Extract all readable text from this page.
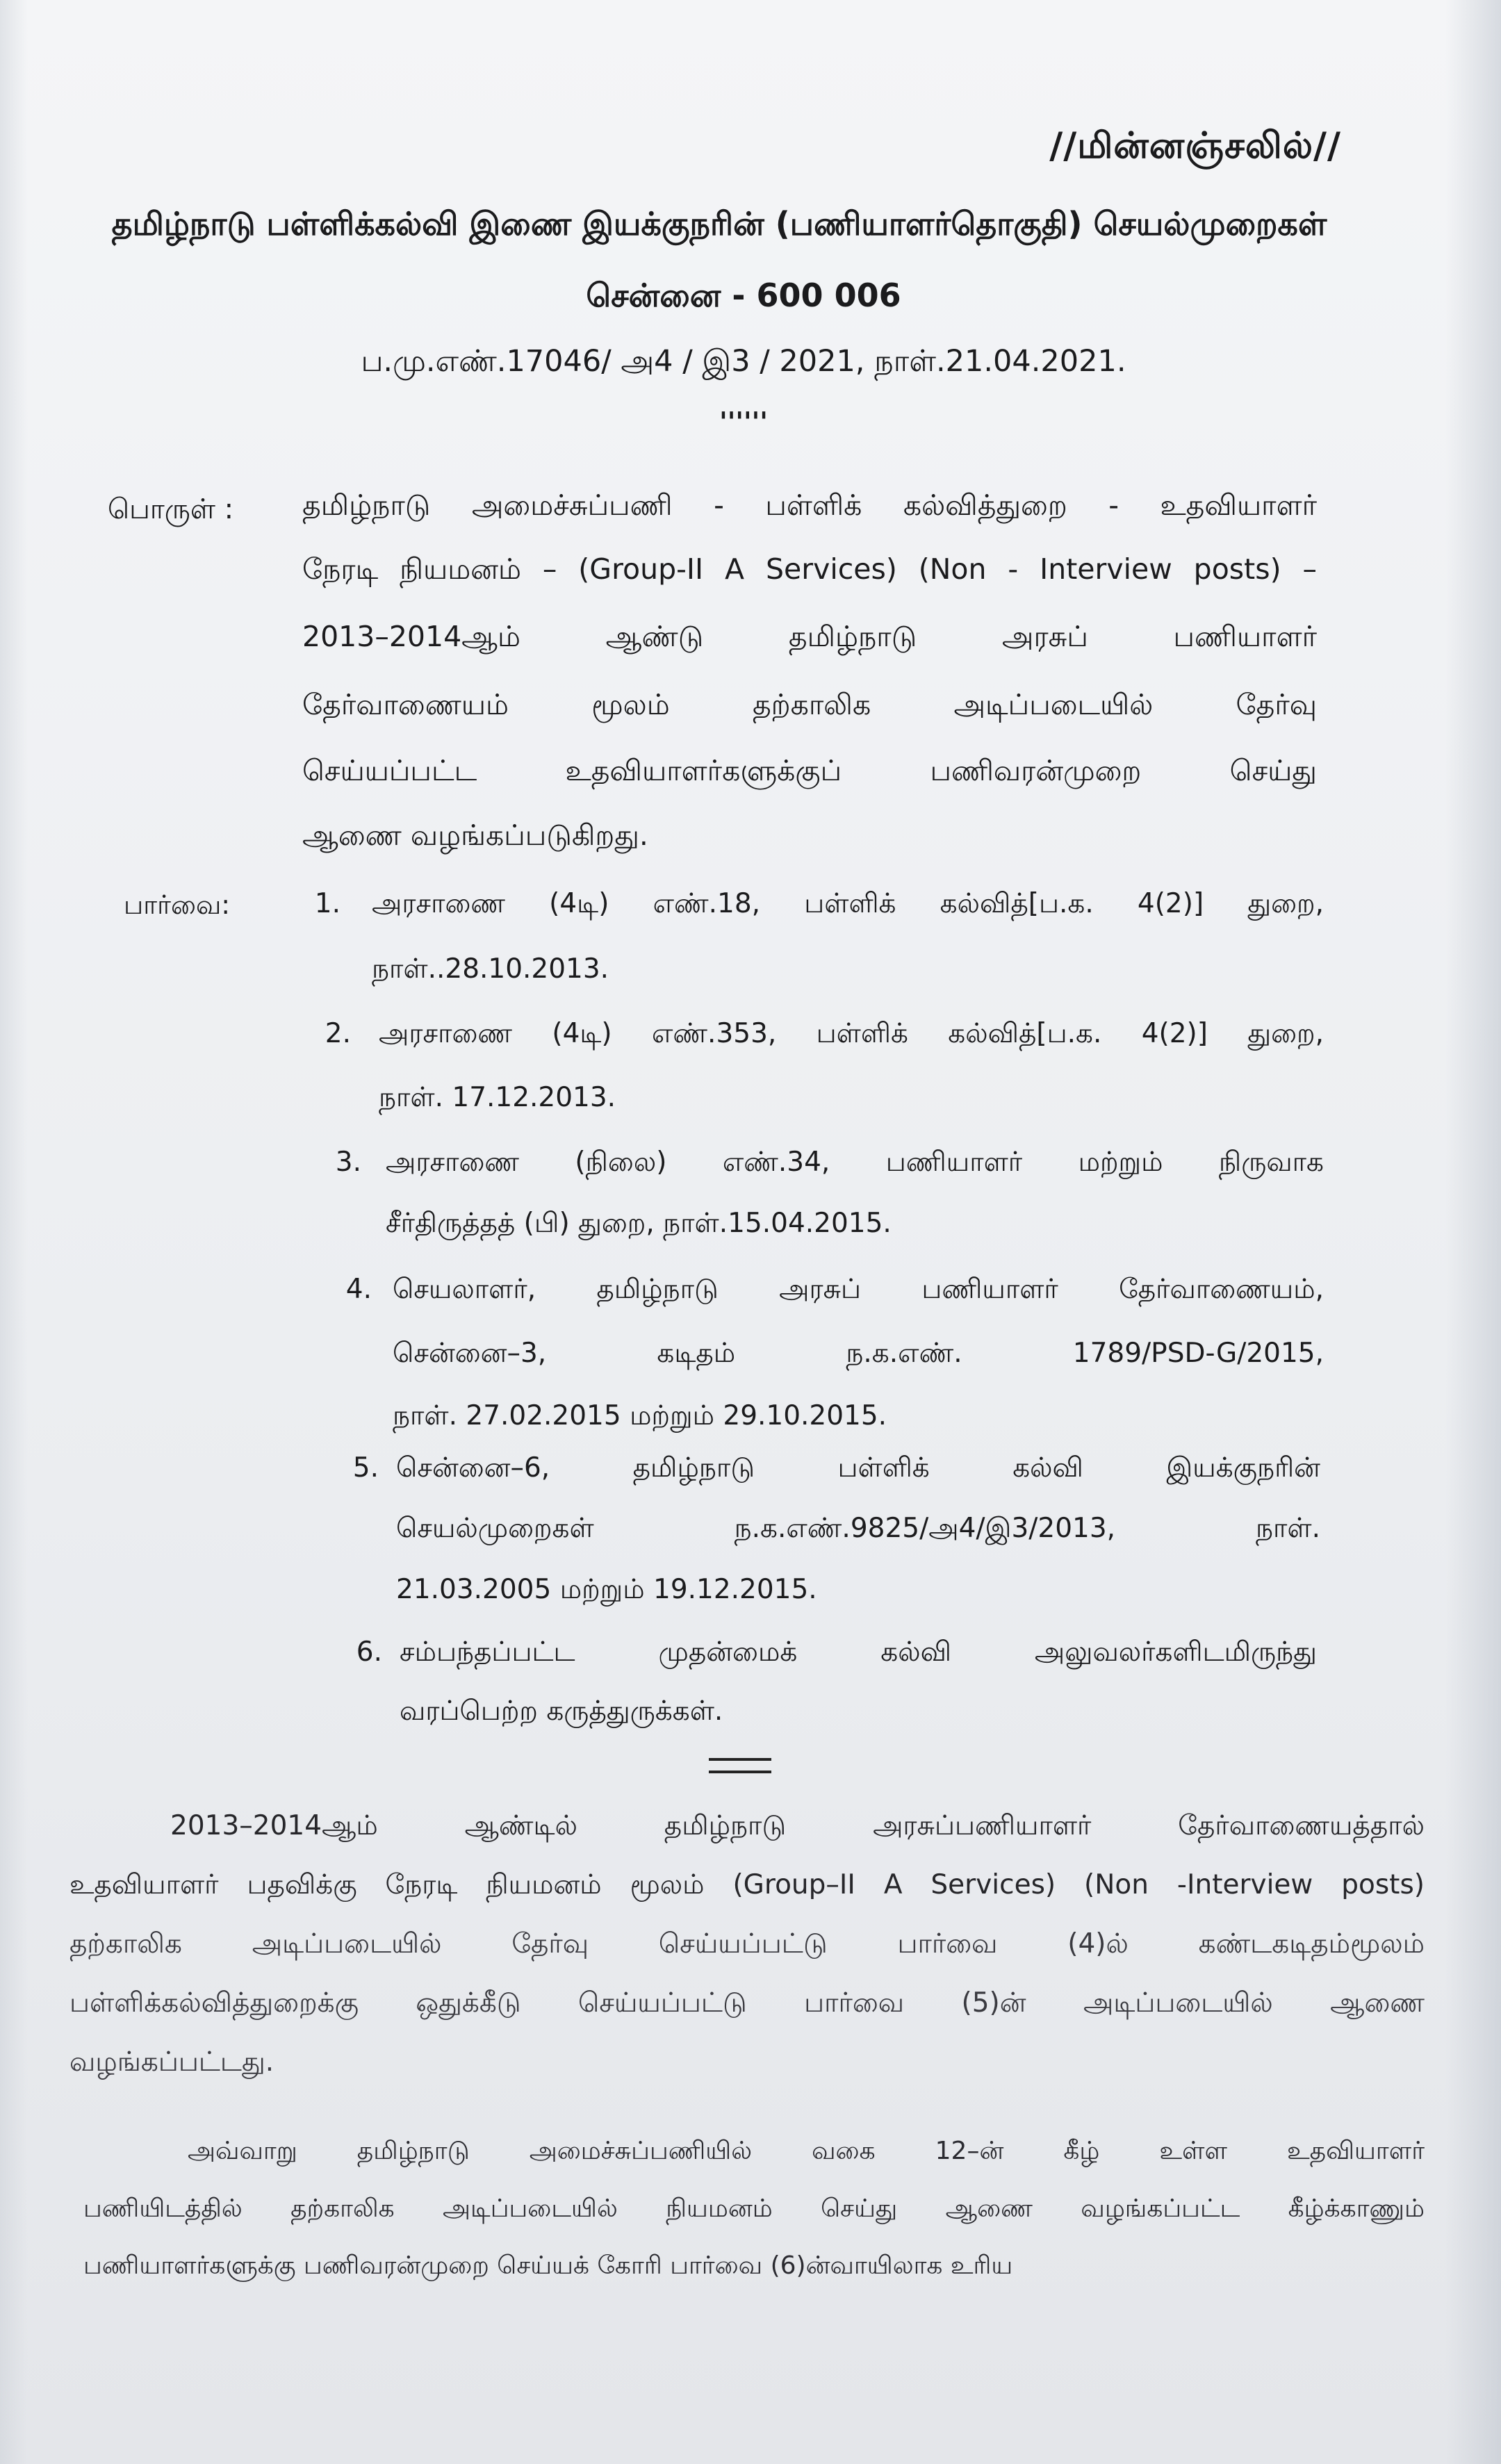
//மின்னஞ்சலில்//
தமிழ்நாடு பள்ளிக்கல்வி இணை இயக்குநரின் (பணியாளர்தொகுதி) செயல்முறைகள்
சென்னை - 600 006
ப.மு.எண்.17046/ அ4 / இ3 / 2021, நாள்.21.04.2021.
''''''
பொருள் : தமிழ்நாடு அமைச்சுப்பணி - பள்ளிக் கல்வித்துறை - உதவியாளர்
நேரடி நியமனம் – (Group-II A Services) (Non - Interview posts) –
2013–2014ஆம் ஆண்டு தமிழ்நாடு அரசுப் பணியாளர்
தேர்வாணையம் மூலம் தற்காலிக அடிப்படையில் தேர்வு
செய்யப்பட்ட உதவியாளர்களுக்குப் பணிவரன்முறை செய்து
ஆணை வழங்கப்படுகிறது.
பார்வை:	1. அரசாணை (4டி) எண்.18, பள்ளிக் கல்வித்[ப.க. 4(2)] துறை,
நாள்..28.10.2013.
2. அரசாணை (4டி) எண்.353, பள்ளிக் கல்வித்[ப.க. 4(2)] துறை,
நாள். 17.12.2013.
3. அரசாணை (நிலை) எண்.34, பணியாளர் மற்றும் நிருவாக
சீர்திருத்தத் (பி) துறை, நாள்.15.04.2015.
4. செயலாளர், தமிழ்நாடு அரசுப் பணியாளர் தேர்வாணையம்,
சென்னை–3, கடிதம் ந.க.எண். 1789/PSD-G/2015,
நாள். 27.02.2015 மற்றும் 29.10.2015.
5. சென்னை–6, தமிழ்நாடு பள்ளிக் கல்வி இயக்குநரின்
செயல்முறைகள் ந.க.எண்.9825/அ4/இ3/2013, நாள்.
21.03.2005 மற்றும் 19.12.2015.
6. சம்பந்தப்பட்ட முதன்மைக் கல்வி அலுவலர்களிடமிருந்து
வரப்பெற்ற கருத்துருக்கள்.
2013–2014ஆம் ஆண்டில் தமிழ்நாடு அரசுப்பணியாளர் தேர்வாணையத்தால்
உதவியாளர் பதவிக்கு நேரடி நியமனம் மூலம் (Group–II A Services) (Non -Interview posts)
தற்காலிக அடிப்படையில் தேர்வு செய்யப்பட்டு பார்வை (4)ல் கண்டகடிதம்மூலம்
பள்ளிக்கல்வித்துறைக்கு ஒதுக்கீடு செய்யப்பட்டு பார்வை (5)ன் அடிப்படையில் ஆணை
வழங்கப்பட்டது.
அவ்வாறு தமிழ்நாடு அமைச்சுப்பணியில் வகை 12–ன் கீழ் உள்ள உதவியாளர்
பணியிடத்தில் தற்காலிக அடிப்படையில் நியமனம் செய்து ஆணை வழங்கப்பட்ட கீழ்க்காணும்
பணியாளர்களுக்கு பணிவரன்முறை செய்யக் கோரி பார்வை (6)ன்வாயிலாக உரிய
